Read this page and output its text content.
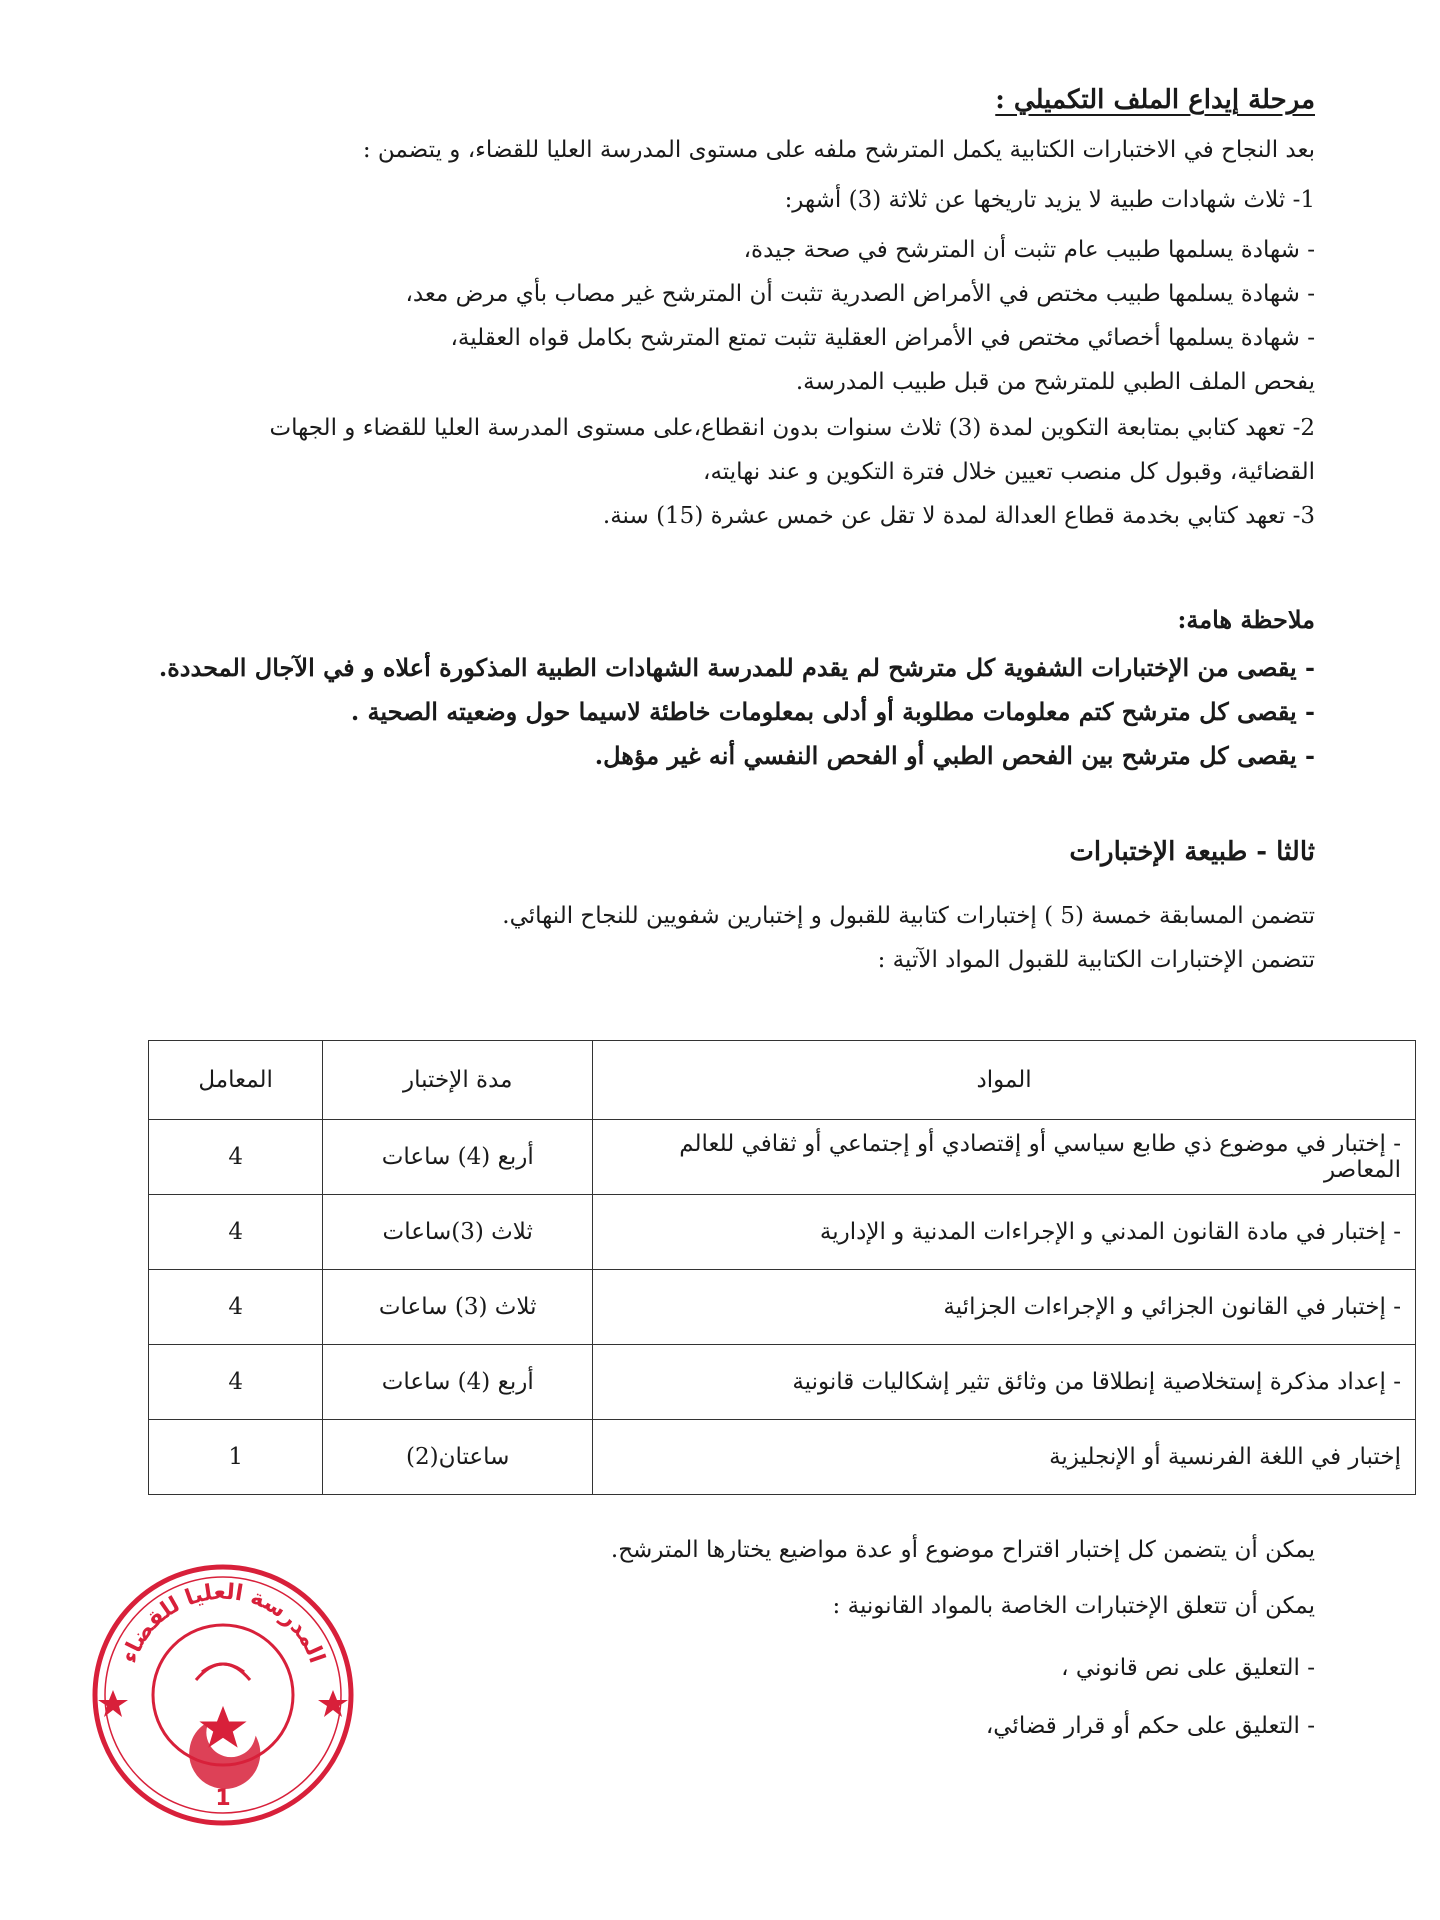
مرحلة إيداع الملف التكميلي :
بعد النجاح في الاختبارات الكتابية يكمل المترشح ملفه على مستوى المدرسة العليا للقضاء، و يتضمن :
1- ثلاث شهادات طبية لا يزيد تاريخها عن ثلاثة (3) أشهر:
- شهادة يسلمها طبيب عام تثبت أن المترشح في صحة جيدة،
- شهادة يسلمها طبيب مختص في الأمراض الصدرية تثبت أن المترشح غير مصاب بأي مرض معد،
- شهادة يسلمها أخصائي مختص في الأمراض العقلية تثبت تمتع المترشح بكامل قواه العقلية،
يفحص الملف الطبي للمترشح من قبل طبيب المدرسة.
2- تعهد كتابي بمتابعة التكوين لمدة (3) ثلاث سنوات بدون انقطاع،على مستوى المدرسة العليا للقضاء و الجهات
القضائية، وقبول كل منصب تعيين خلال فترة التكوين و عند نهايته،
3- تعهد كتابي بخدمة قطاع العدالة لمدة لا تقل عن خمس عشرة (15) سنة.
ملاحظة هامة:
- يقصى من الإختبارات الشفوية كل مترشح لم يقدم للمدرسة الشهادات الطبية المذكورة أعلاه و في الآجال المحددة.
- يقصى كل مترشح كتم معلومات مطلوبة أو أدلى بمعلومات خاطئة لاسيما حول وضعيته الصحية .
- يقصى كل مترشح بين الفحص الطبي أو الفحص النفسي أنه غير مؤهل.
ثالثا - طبيعة الإختبارات
تتضمن المسابقة خمسة (5 ) إختبارات كتابية للقبول و إختبارين شفويين للنجاح النهائي.
تتضمن الإختبارات الكتابية للقبول المواد الآتية :
المواد	مدة الإختبار	المعامل
- إختبار في موضوع ذي طابع سياسي أو إقتصادي أو إجتماعي أو ثقافي للعالم المعاصر	أربع (4) ساعات	4
- إختبار في مادة القانون المدني و الإجراءات المدنية و الإدارية	ثلاث (3)ساعات	4
- إختبار في القانون الجزائي و الإجراءات الجزائية	ثلاث (3) ساعات	4
- إعداد مذكرة إستخلاصية إنطلاقا من وثائق تثير إشكاليات قانونية	أربع (4) ساعات	4
إختبار في اللغة الفرنسية أو الإنجليزية	ساعتان(2)	1
يمكن أن يتضمن كل إختبار اقتراح موضوع أو عدة مواضيع يختارها المترشح.
يمكن أن تتعلق الإختبارات الخاصة بالمواد القانونية :
- التعليق على نص قانوني ،
- التعليق على حكم أو قرار قضائي،
المدرسة العليا للقضاء
1
